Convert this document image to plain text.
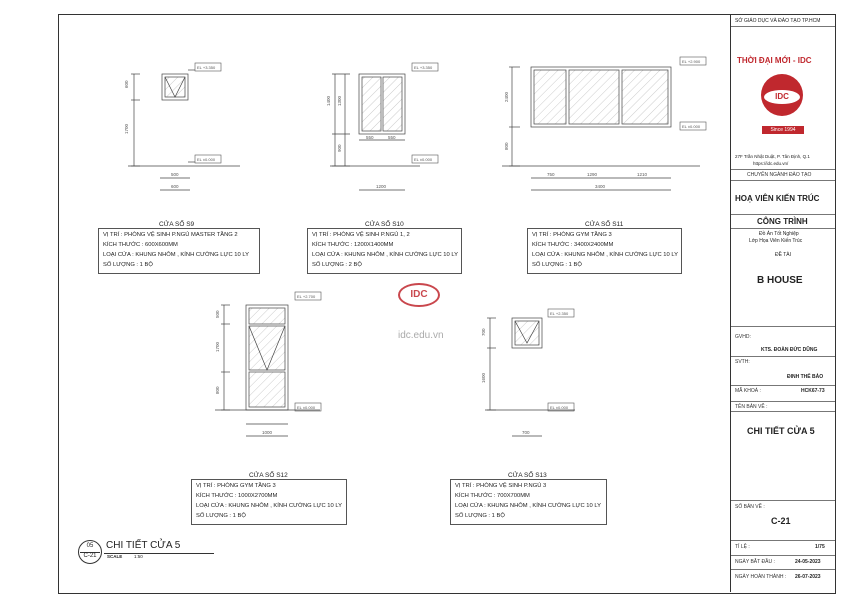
EL +3.350
EL ±0.000
EL +3.350
EL ±0.000
EL +2.900
EL ±0.000
EL +2.700
EL ±0.000
EL +2.350
EL ±0.000
600
1700
500
600
1400 1300
900
550	550
1200
2400
800
750	1290	1210
3400
500
1700
800
1000
700
1600
700
IDC
idc.edu.vn
CỬA SỔ S9
VỊ TRÍ : PHÒNG VỆ SINH P.NGỦ MASTER TẦNG 2
KÍCH THƯỚC : 600X600MM
LOẠI CỬA : KHUNG NHÔM , KÍNH CƯỜNG LỰC 10 LY
SỐ LƯỢNG : 1 BỘ
CỬA SỔ S10
VỊ TRÍ : PHÒNG VỆ SINH P.NGỦ 1, 2
KÍCH THƯỚC : 1200X1400MM
LOẠI CỬA : KHUNG NHÔM , KÍNH CƯỜNG LỰC 10 LY
SỐ LƯỢNG : 2 BỘ
CỬA SỔ S11
VỊ TRÍ : PHÒNG GYM TẦNG 3
KÍCH THƯỚC : 3400X2400MM
LOẠI CỬA : KHUNG NHÔM , KÍNH CƯỜNG LỰC 10 LY
SỐ LƯỢNG : 1 BỘ
CỬA SỔ S12
VỊ TRÍ : PHÒNG GYM TẦNG 3
KÍCH THƯỚC : 1000X2700MM
LOẠI CỬA : KHUNG NHÔM , KÍNH CƯỜNG LỰC 10 LY
SỐ LƯỢNG : 1 BỘ
CỬA SỔ S13
VỊ TRÍ : PHÒNG VỆ SINH P.NGỦ 3
KÍCH THƯỚC : 700X700MM
LOẠI CỬA : KHUNG NHÔM , KÍNH CƯỜNG LỰC 10 LY
SỐ LƯỢNG : 1 BỘ
05
C-21
CHI TIẾT CỬA 5
SCALE	1:50
SỞ GIÁO DỤC VÀ ĐÀO TẠO TP.HCM
THỜI ĐẠI MỚI - IDC
IDC
Since 1994
27F Trần Nhật Duật, P. Tân Định, Q.1
https://idc.edu.vn/
CHUYÊN NGÀNH ĐÀO TẠO
HOẠ VIÊN KIẾN TRÚC
CÔNG TRÌNH
Đồ Án Tốt Nghiệp
Lớp Họa Viên Kiến Trúc
ĐỀ TÀI
B HOUSE
GVHD:
KTS. ĐOÀN ĐỨC DŨNG
SVTH:
ĐINH THẾ BẢO
MÃ KHOÁ :	HCK67-73
TÊN BẢN VẼ :
CHI TIẾT CỬA 5
SỐ BẢN VẼ :
C-21
TỈ LỆ :	1/75
NGÀY BẮT ĐẦU :	24-05-2023
NGÀY HOÀN THÀNH : 26-07-2023
